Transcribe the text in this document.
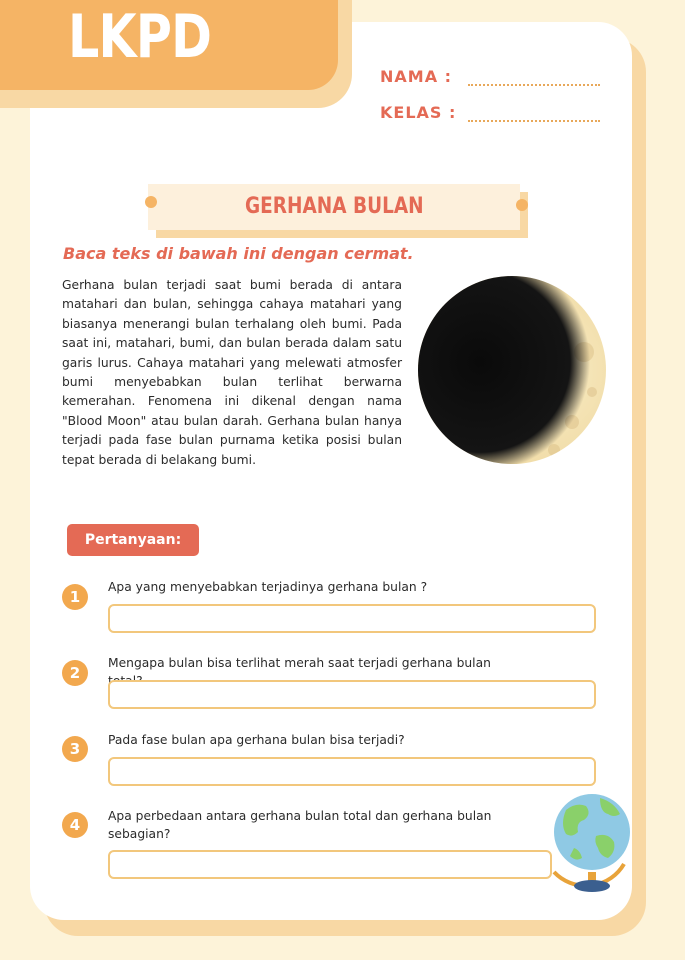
LKPD
NAMA :
KELAS :
GERHANA BULAN
Baca teks di bawah ini dengan cermat.
Gerhana bulan terjadi saat bumi berada di antara matahari dan bulan, sehingga cahaya matahari yang biasanya menerangi bulan terhalang oleh bumi. Pada saat ini, matahari, bumi, dan bulan berada dalam satu garis lurus. Cahaya matahari yang melewati atmosfer bumi menyebabkan bulan terlihat berwarna kemerahan. Fenomena ini dikenal dengan nama "Blood Moon" atau bulan darah. Gerhana bulan hanya terjadi pada fase bulan purnama ketika posisi bulan tepat berada di belakang bumi.
Pertanyaan:
1
Apa yang menyebabkan terjadinya gerhana bulan ?
2
Mengapa bulan bisa terlihat merah saat terjadi gerhana bulan
3	Pada fase bulan apa gerhana bulan bisa terjadi?
4	Apa perbedaan antara gerhana bulan total dan gerhana bulan sebagian?
